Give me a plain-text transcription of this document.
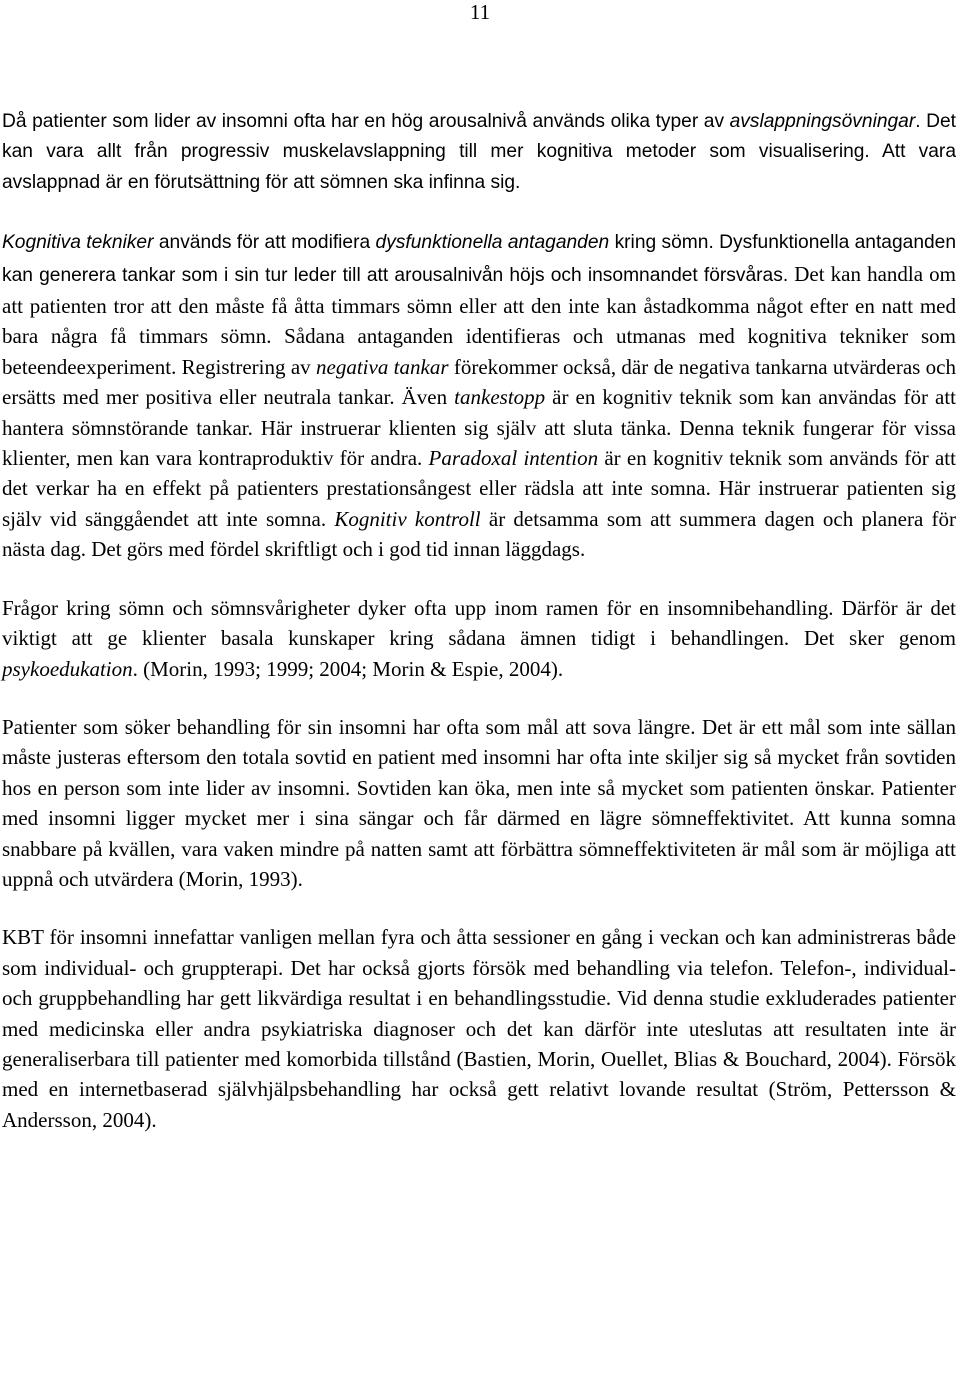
11

Då patienter som lider av insomni ofta har en hög arousalnivå används olika typer av avslappningsövningar. Det kan vara allt från progressiv muskelavslappning till mer kognitiva metoder som visualisering. Att vara avslappnad är en förutsättning för att sömnen ska infinna sig.

Kognitiva tekniker används för att modifiera dysfunktionella antaganden kring sömn. Dysfunktionella antaganden kan generera tankar som i sin tur leder till att arousalnivån höjs och insomnandet försvåras. Det kan handla om att patienten tror att den måste få åtta timmars sömn eller att den inte kan åstadkomma något efter en natt med bara några få timmars sömn. Sådana antaganden identifieras och utmanas med kognitiva tekniker som beteendeexperiment. Registrering av negativa tankar förekommer också, där de negativa tankarna utvärderas och ersätts med mer positiva eller neutrala tankar. Även tankestopp är en kognitiv teknik som kan användas för att hantera sömnstörande tankar. Här instruerar klienten sig själv att sluta tänka. Denna teknik fungerar för vissa klienter, men kan vara kontraproduktiv för andra. Paradoxal intention är en kognitiv teknik som används för att det verkar ha en effekt på patienters prestationsångest eller rädsla att inte somna. Här instruerar patienten sig själv vid sänggåendet att inte somna. Kognitiv kontroll är detsamma som att summera dagen och planera för nästa dag. Det görs med fördel skriftligt och i god tid innan läggdags.

Frågor kring sömn och sömnsvårigheter dyker ofta upp inom ramen för en insomnibehandling. Därför är det viktigt att ge klienter basala kunskaper kring sådana ämnen tidigt i behandlingen. Det sker genom psykoedukation. (Morin, 1993; 1999; 2004; Morin & Espie, 2004).

Patienter som söker behandling för sin insomni har ofta som mål att sova längre. Det är ett mål som inte sällan måste justeras eftersom den totala sovtid en patient med insomni har ofta inte skiljer sig så mycket från sovtiden hos en person som inte lider av insomni. Sovtiden kan öka, men inte så mycket som patienten önskar. Patienter med insomni ligger mycket mer i sina sängar och får därmed en lägre sömneffektivitet. Att kunna somna snabbare på kvällen, vara vaken mindre på natten samt att förbättra sömneffektiviteten är mål som är möjliga att uppnå och utvärdera (Morin, 1993).

KBT för insomni innefattar vanligen mellan fyra och åtta sessioner en gång i veckan och kan administreras både som individual- och gruppterapi. Det har också gjorts försök med behandling via telefon. Telefon-, individual- och gruppbehandling har gett likvärdiga resultat i en behandlingsstudie. Vid denna studie exkluderades patienter med medicinska eller andra psykiatriska diagnoser och det kan därför inte uteslutas att resultaten inte är generaliserbara till patienter med komorbida tillstånd (Bastien, Morin, Ouellet, Blias & Bouchard, 2004). Försök med en internetbaserad självhjälpsbehandling har också gett relativt lovande resultat (Ström, Pettersson & Andersson, 2004).
